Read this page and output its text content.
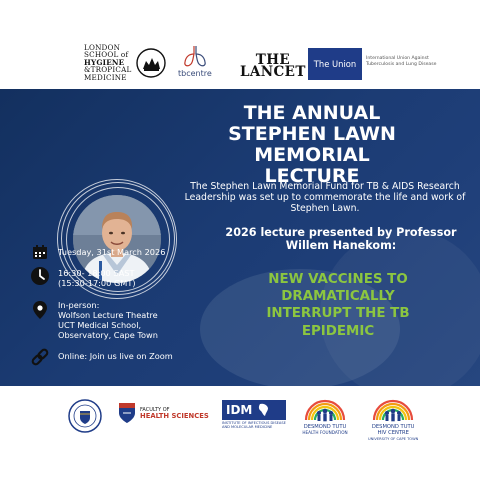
LONDON
SCHOOL of
HYGIENE
&TROPICAL
MEDICINE	tbcentre
THE
LANCET The Union
International Union Against
Tuberculosis and Lung Disease
THE ANNUAL
STEPHEN LAWN
MEMORIAL LECTURE
The Stephen Lawn Memorial Fund for TB & AIDS Research Leadership was set up to commemorate the life and work of Stephen Lawn.
2026 lecture presented by Professor Willem Hanekom:
NEW VACCINES TO
DRAMATICALLY
INTERRUPT THE TB
EPIDEMIC
Tuesday, 31st March 2026
16:30- 18:00 SAST
(15:30-17:00 GMT)
In-person:
Wolfson Lecture Theatre
UCT Medical School,
Observatory, Cape Town
Online: Join us live on Zoom
FACULTY OF
HEALTH SCIENCES IDM
INSTITUTE OF INFECTIOUS DISEASE AND MOLECULAR MEDICINE	DESMOND TUTU
HEALTH FOUNDATION
DESMOND TUTU
HIV CENTRE
UNIVERSITY OF CAPE TOWN
